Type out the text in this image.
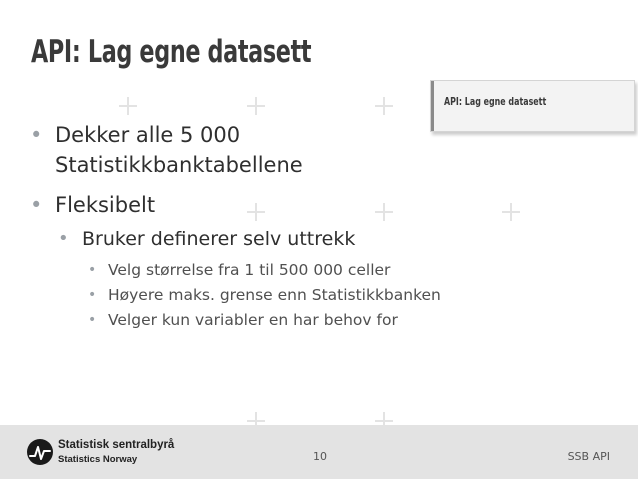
API: Lag egne datasett
API: Lag egne datasett
• Dekker alle 5 000
Statistikkbanktabellene
• Fleksibelt
• Bruker definerer selv uttrekk
• Velg størrelse fra 1 til 500 000 celler
• Høyere maks. grense enn Statistikkbanken
• Velger kun variabler en har behov for
Statistisk sentralbyrå
Statistics Norway	10	SSB API
